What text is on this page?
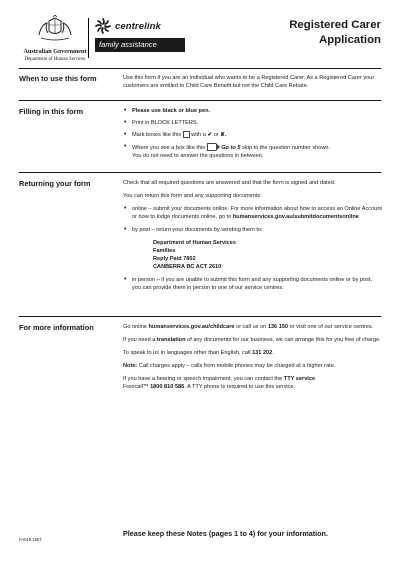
Australian Government
Department of Human Services
centrelink
family assistance
Registered Carer
Application
When to use this form	Use this form if you are an individual who wants to be a Registered Carer. As a Registered Carer your customers are entitled to Child Care Benefit but not the Child Care Rebate.

Filling in this form
•	Please use black or blue pen.
• Print in BLOCK LETTERS.
• Mark boxes like this with a ✔ or ✘.
• Where you see a box like this	Go to 5 skip to the question number shown.
You do not need to answer the questions in between.
Returning your form	Check that all required questions are answered and that the form is signed and dated.

You can return this form and any supporting documents:

• online – submit your documents online. For more information about how to access an Online Account or how to lodge documents online, go to humanservices.gov.au/submitdocumentsonline
• by post – return your documents by sending them to:
Department of Human Services
Families
Reply Paid 7802
CANBERRA BC ACT 2610
• in person – if you are unable to submit this form and any supporting documents online or by post, you can provide them in person to one of our service centres.
For more information	Go online humanservices.gov.au/childcare or call us on 136 150 or visit one of our service centres.

If you need a translation of any documents for our business, we can arrange this for you free of charge.

To speak to us in languages other than English, call 131 202.

Note: Call charges apply – calls from mobile phones may be charged at a higher rate.

If you have a hearing or speech impairment, you can contact the TTY service
Freecall™ 1800 810 586. A TTY phone is required to use this service.

Please keep these Notes (pages 1 to 4) for your information.
FA019.1507
